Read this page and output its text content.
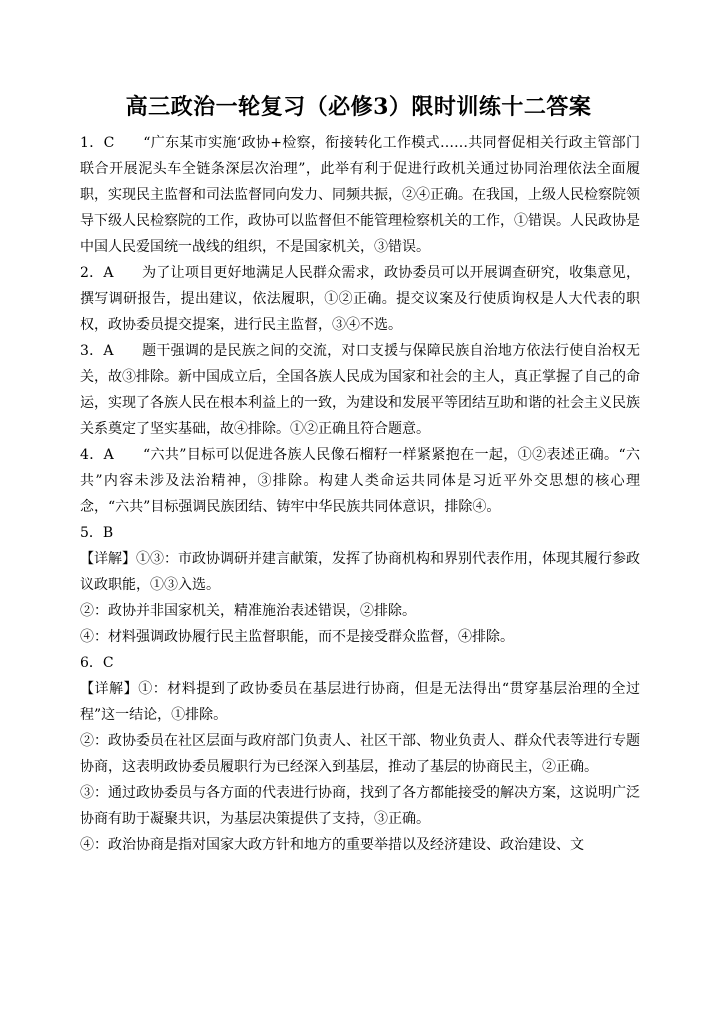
高三政治一轮复习（必修3）限时训练十二答案

1．C　　“广东某市实施‘政协+检察，衔接转化工作模式……共同督促相关行政主管部门联合开展泥头车全链条深层次治理”，此举有利于促进行政机关通过协同治理依法全面履职，实现民主监督和司法监督同向发力、同频共振，②④正确。在我国，上级人民检察院领导下级人民检察院的工作，政协可以监督但不能管理检察机关的工作，①错误。人民政协是中国人民爱国统一战线的组织，不是国家机关，③错误。

2．A　　为了让项目更好地满足人民群众需求，政协委员可以开展调查研究，收集意见，撰写调研报告，提出建议，依法履职，①②正确。提交议案及行使质询权是人大代表的职权，政协委员提交提案，进行民主监督，③④不选。

3．A　　题干强调的是民族之间的交流，对口支援与保障民族自治地方依法行使自治权无关，故③排除。新中国成立后，全国各族人民成为国家和社会的主人，真正掌握了自己的命运，实现了各族人民在根本利益上的一致，为建设和发展平等团结互助和谐的社会主义民族关系奠定了坚实基础，故④排除。①②正确且符合题意。

4．A　　“六共”目标可以促进各族人民像石榴籽一样紧紧抱在一起，①②表述正确。“六共”内容未涉及法治精神，③排除。构建人类命运共同体是习近平外交思想的核心理念，“六共”目标强调民族团结、铸牢中华民族共同体意识，排除④。

5．B

【详解】①③：市政协调研并建言献策，发挥了协商机构和界别代表作用，体现其履行参政议政职能，①③入选。

②：政协并非国家机关，精准施治表述错误，②排除。

④：材料强调政协履行民主监督职能，而不是接受群众监督，④排除。

6．C

【详解】①：材料提到了政协委员在基层进行协商，但是无法得出“贯穿基层治理的全过程”这一结论，①排除。

②：政协委员在社区层面与政府部门负责人、社区干部、物业负责人、群众代表等进行专题协商，这表明政协委员履职行为已经深入到基层，推动了基层的协商民主，②正确。

③：通过政协委员与各方面的代表进行协商，找到了各方都能接受的解决方案，这说明广泛协商有助于凝聚共识，为基层决策提供了支持，③正确。

④：政治协商是指对国家大政方针和地方的重要举措以及经济建设、政治建设、文
